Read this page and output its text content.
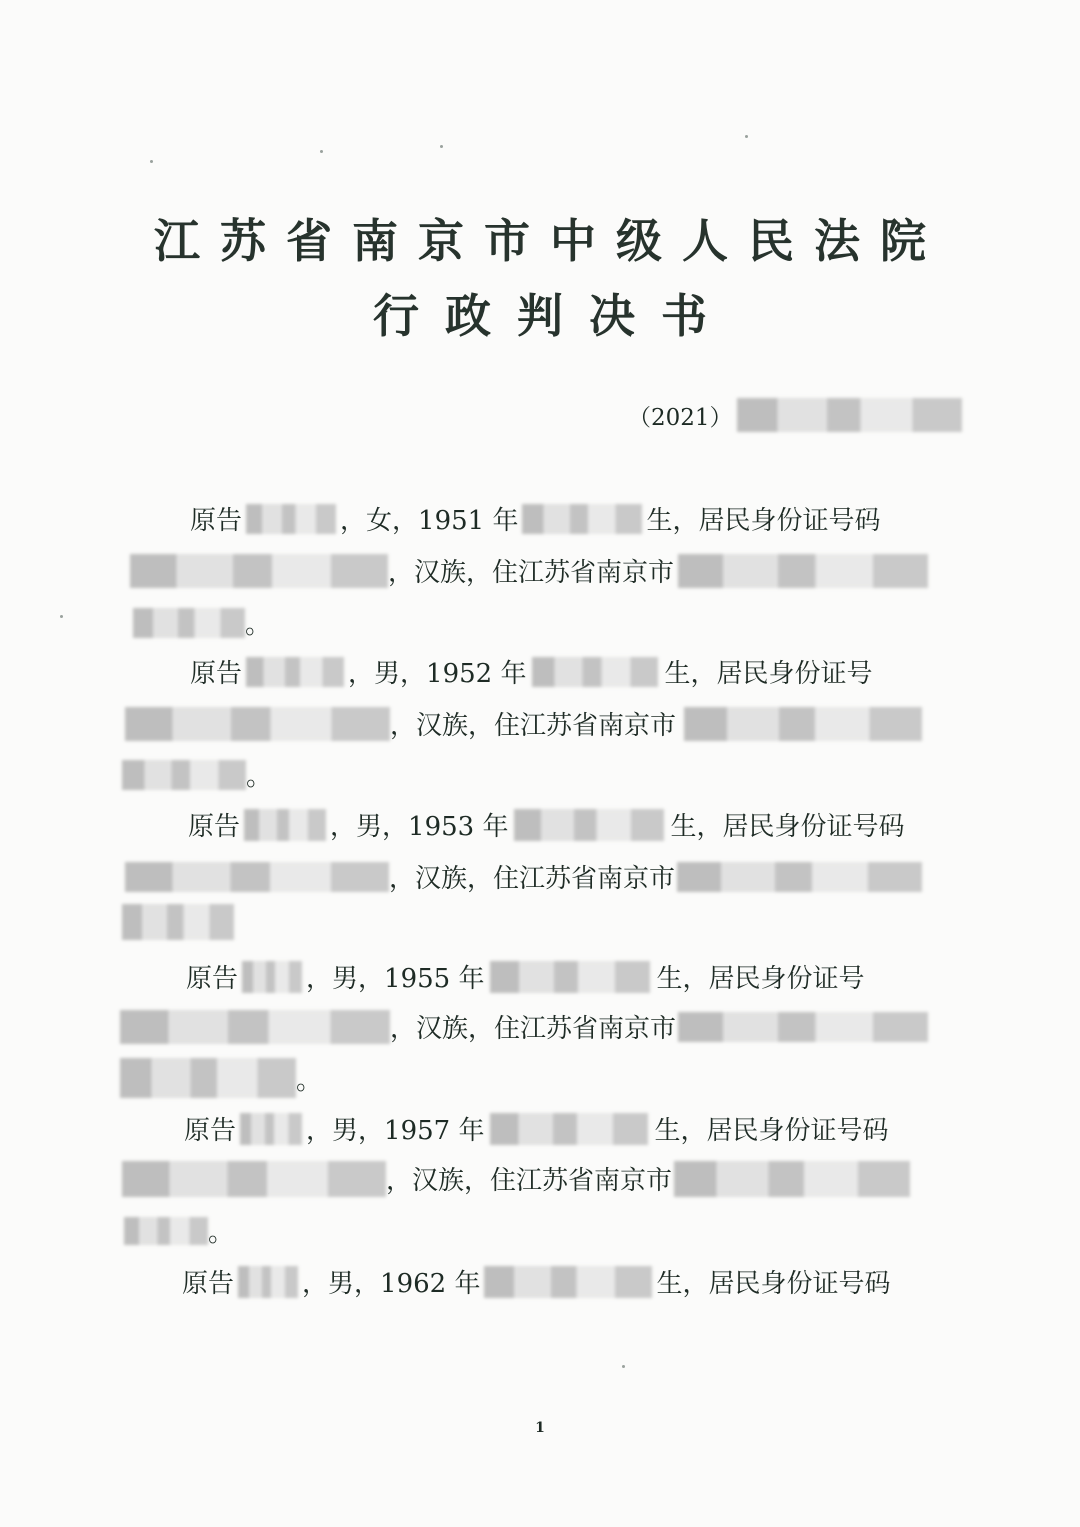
江苏省南京市中级人民法院
行政判决书
（2021）
原告	，女， 1951 年	生，居民身份证号码
，汉族，住江苏省南京市
。
原告	，男， 1952 年	生，居民身份证号
，汉族，住江苏省南京市
。
原告	，男， 1953 年	生，居民身份证号码
，汉族，住江苏省南京市
原告	，男， 1955 年	生，居民身份证号
，汉族，住江苏省南京市
。
原告	，男， 1957 年	生，居民身份证号码
，汉族，住江苏省南京市
。
原告	，男， 1962 年	生，居民身份证号码
1
